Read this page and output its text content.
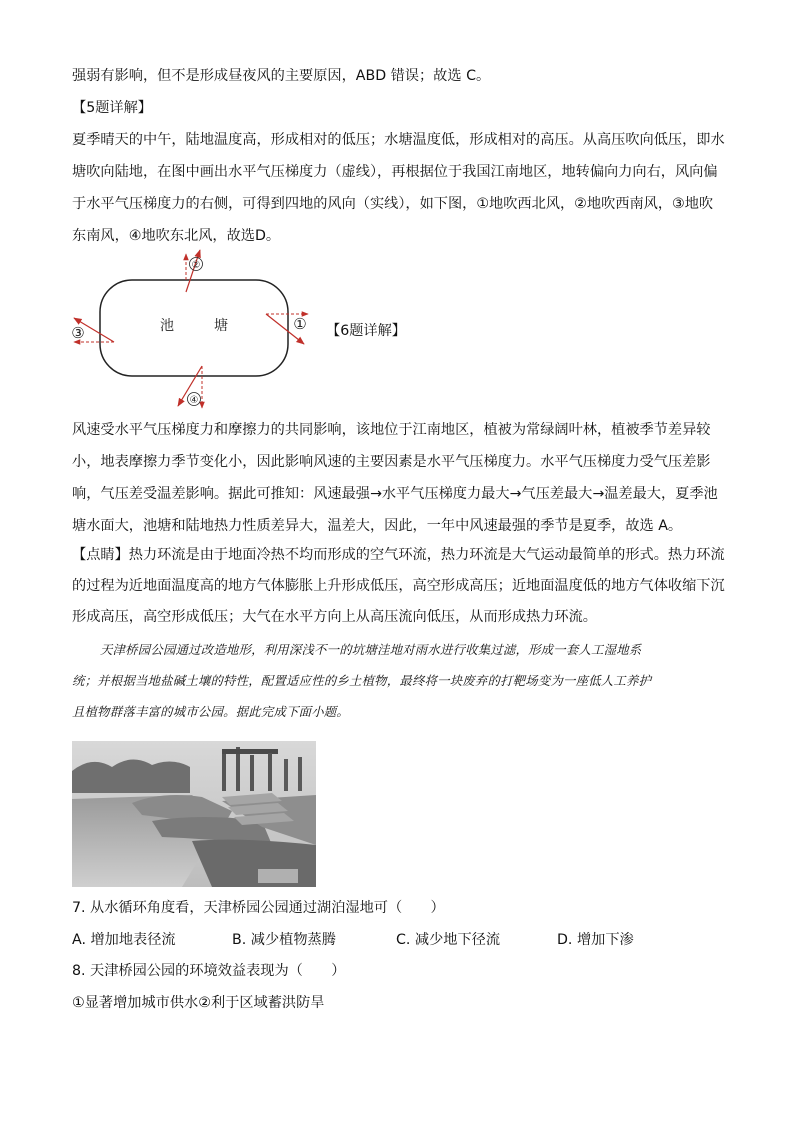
强弱有影响，但不是形成昼夜风的主要原因，ABD 错误；故选 C。
【5题详解】
夏季晴天的中午，陆地温度高，形成相对的低压；水塘温度低，形成相对的高压。从高压吹向低压，即水
塘吹向陆地，在图中画出水平气压梯度力（虚线），再根据位于我国江南地区，地转偏向力向右，风向偏
于水平气压梯度力的右侧，可得到四地的风向（实线），如下图，①地吹西北风，②地吹西南风，③地吹
东南风，④地吹东北风，故选D。
池	塘
②
①
③
④
【6题详解】
风速受水平气压梯度力和摩擦力的共同影响，该地位于江南地区，植被为常绿阔叶林，植被季节差异较
小，地表摩擦力季节变化小，因此影响风速的主要因素是水平气压梯度力。水平气压梯度力受气压差影
响，气压差受温差影响。据此可推知：风速最强→水平气压梯度力最大→气压差最大→温差最大，夏季池
塘水面大，池塘和陆地热力性质差异大，温差大，因此，一年中风速最强的季节是夏季，故选 A。
【点睛】热力环流是由于地面冷热不均而形成的空气环流，热力环流是大气运动最简单的形式。热力环流
的过程为近地面温度高的地方气体膨胀上升形成低压，高空形成高压；近地面温度低的地方气体收缩下沉
形成高压，高空形成低压；大气在水平方向上从高压流向低压，从而形成热力环流。
天津桥园公园通过改造地形，利用深浅不一的坑塘洼地对雨水进行收集过滤，形成一套人工湿地系
统；并根据当地盐碱土壤的特性，配置适应性的乡土植物，最终将一块废弃的打靶场变为一座低人工养护
且植物群落丰富的城市公园。据此完成下面小题。
7. 从水循环角度看，天津桥园公园通过湖泊湿地可（　　）
A. 增加地表径流	B. 减少植物蒸腾	C. 减少地下径流	D. 增加下渗
8. 天津桥园公园的环境效益表现为（　　）
①显著增加城市供水②利于区域蓄洪防旱
